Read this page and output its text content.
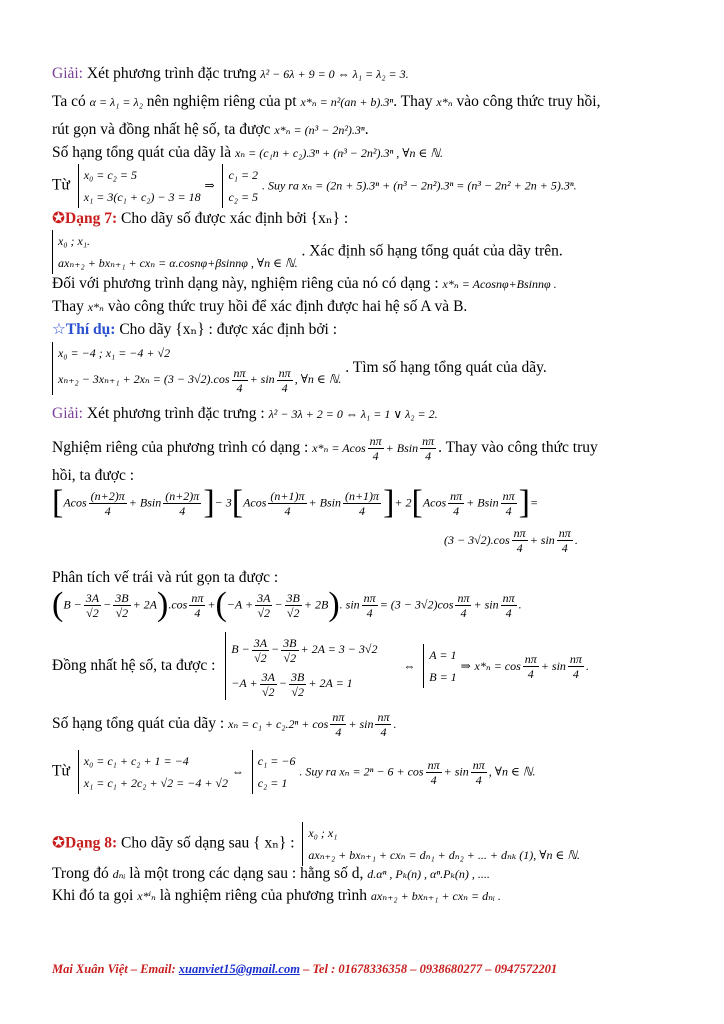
Giải: Xét phương trình đặc trưng λ² − 6λ + 9 = 0 ⇔ λ₁ = λ₂ = 3.
Ta có α = λ₁ = λ₂ nên nghiệm riêng của pt x*ₙ = n²(an + b).3ⁿ. Thay x*ₙ vào công thức truy hồi,
rút gọn và đồng nhất hệ số, ta được x*ₙ = (n³ − 2n²).3ⁿ.
Số hạng tổng quát của dãy là xₙ = (c₁n + c₂).3ⁿ + (n³ − 2n²).3ⁿ , ∀n ∈ ℕ.
Từ
x₀ = c₂ = 5
x₁ = 3(c₁ + c₂) − 3 = 18
⇒
c₁ = 2
c₂ = 5
. Suy ra xₙ = (2n + 5).3ⁿ + (n³ − 2n²).3ⁿ = (n³ − 2n² + 2n + 5).3ⁿ.
✪Dạng 7: Cho dãy số được xác định bởi {xₙ} :
x₀ ; x₁.
axₙ₊₂ + bxₙ₊₁ + cxₙ = α.cosnφ+βsinnφ , ∀n ∈ ℕ.
. Xác định số hạng tổng quát của dãy trên.
Đối với phương trình dạng này, nghiệm riêng của nó có dạng : x*ₙ = Acosnφ+Bsinnφ .
Thay x*ₙ vào công thức truy hồi để xác định được hai hệ số A và B.
☆Thí dụ: Cho dãy {xₙ} : được xác định bởi :
x₀ = −4 ; x₁ = −4 + √2
$x_{n+2} - 3x_{n+1} + 2x_n = (3 - 3√2).\cos \frac{n\pi}{4} + \sin \frac{n\pi}{4}$ , ∀n ∈ ℕ.
. Tìm số hạng tổng quát của dãy.
Giải: Xét phương trình đặc trưng : λ² − 3λ + 2 = 0 ⇔ λ₁ = 1 ∨ λ₂ = 2.
Nghiệm riêng của phương trình có dạng : x*ₙ = Acos $\frac{n\pi}{4} + Bsin \frac{n\pi}{4}$ . Thay vào công thức truy
hồi, ta được :
[$Acos \frac{(n+2)\pi}{4} + Bsin \frac{(n+2)\pi}{4}$ ]− $3[Acos \frac{(n+1)\pi}{4} + Bsin \frac{(n+1)\pi}{4}$ ]+ $2[Acos \frac{n\pi}{4} + Bsin \frac{n\pi}{4}$ ]=
$(3 - 3√2).\cos \frac{n\pi}{4} + \sin \frac{n\pi}{4}$ .
Phân tích vế trái và rút gọn ta được :
$(B - \frac{3A}{√2} - \frac{3B}{√2} + 2A).\cos \frac{n\pi}{4} +(-A + \frac{3A}{√2} - \frac{3B}{√2} + 2B)$. $\sin \frac{n\pi}{4} = (3 - 3√2)\cos \frac{n\pi}{4} + \sin \frac{n\pi}{4}$ .
Đồng nhất hệ số, ta được :
$B - \frac{3A}{√2} - \frac{3B}{√2} + 2A = 3 - 3√2$
$-A + \frac{3A}{√2} - \frac{3B}{√2} + 2A = 1$
⇔
A = 1
B = 1
⇒ $x*_n = \cos \frac{n\pi}{4} + \sin \frac{n\pi}{4}$ .
Số hạng tổng quát của dãy : $x_n = c_1 + c_2.2^n + \cos \frac{n\pi}{4} + \sin \frac{n\pi}{4}$ .
Từ
x₀ = c₁ + c₂ + 1 = −4
x₁ = c₁ + 2c₂ + √2 = −4 + √2
⇔
c₁ = −6
c₂ = 1
. Suy ra $x_n = 2^n - 6 + \cos \frac{n\pi}{4} + \sin \frac{n\pi}{4}$ , ∀n ∈ ℕ.
✪Dạng 8: Cho dãy số dạng sau { xₙ} :
x₀ ; x₁
axₙ₊₂ + bxₙ₊₁ + cxₙ = dₙ₁ + dₙ₂ + ... + dₙₖ (1), ∀n ∈ ℕ.
Trong đó dₙᵢ là một trong các dạng sau : hằng số d, d.αⁿ , Pₖ(n) , αⁿ.Pₖ(n) , ....
Khi đó ta gọi x*ⁱₙ là nghiệm riêng của phương trình axₙ₊₂ + bxₙ₊₁ + cxₙ = dₙᵢ .
Mai Xuân Việt – Email: xuanviet15@gmail.com – Tel : 01678336358 – 0938680277 – 0947572201
